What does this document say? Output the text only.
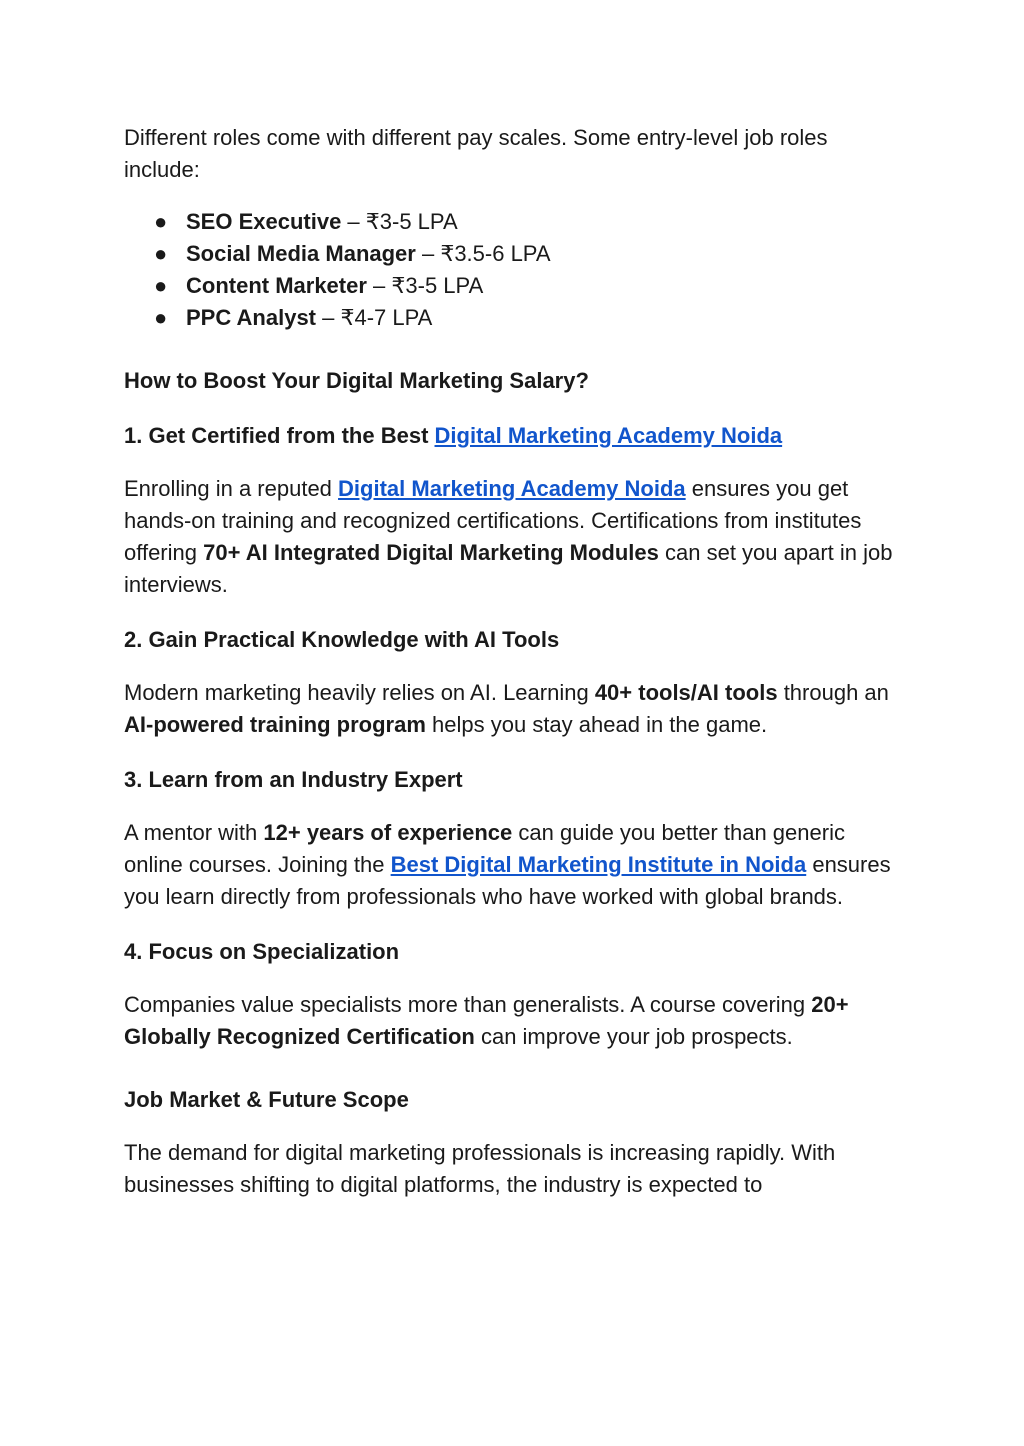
Different roles come with different pay scales. Some entry-level job roles include:

● SEO Executive – ₹3-5 LPA
● Social Media Manager – ₹3.5-6 LPA
● Content Marketer – ₹3-5 LPA
● PPC Analyst – ₹4-7 LPA

How to Boost Your Digital Marketing Salary?

1. Get Certified from the Best Digital Marketing Academy Noida

Enrolling in a reputed Digital Marketing Academy Noida ensures you get hands-on training and recognized certifications. Certifications from institutes offering 70+ AI Integrated Digital Marketing Modules can set you apart in job interviews.

2. Gain Practical Knowledge with AI Tools

Modern marketing heavily relies on AI. Learning 40+ tools/AI tools through an AI-powered training program helps you stay ahead in the game.

3. Learn from an Industry Expert

A mentor with 12+ years of experience can guide you better than generic online courses. Joining the Best Digital Marketing Institute in Noida ensures you learn directly from professionals who have worked with global brands.

4. Focus on Specialization

Companies value specialists more than generalists. A course covering 20+ Globally Recognized Certification can improve your job prospects.

Job Market & Future Scope

The demand for digital marketing professionals is increasing rapidly. With businesses shifting to digital platforms, the industry is expected to
